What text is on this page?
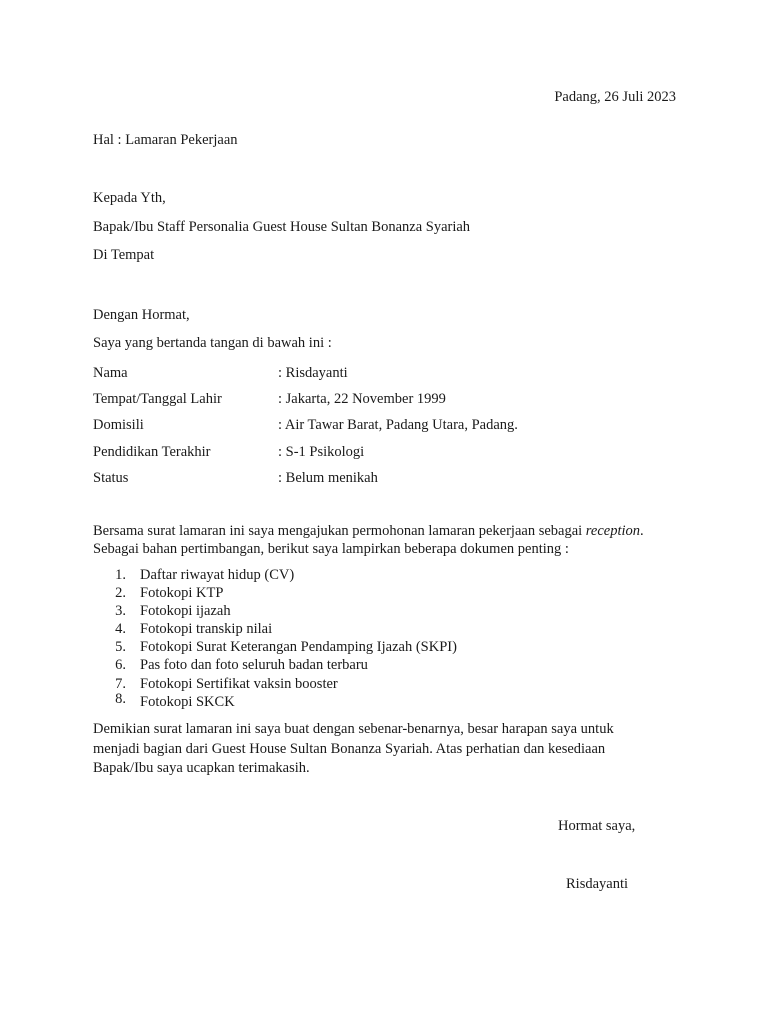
Padang, 26 Juli 2023
Hal : Lamaran Pekerjaan
Kepada Yth,
Bapak/Ibu Staff Personalia Guest House Sultan Bonanza Syariah
Di Tempat
Dengan Hormat,
Saya yang bertanda tangan di bawah ini :
Nama	: Risdayanti
Tempat/Tanggal Lahir	: Jakarta, 22 November 1999
Domisili	: Air Tawar Barat, Padang Utara, Padang.
Pendidikan Terakhir	: S-1 Psikologi
Status	: Belum menikah

Bersama surat lamaran ini saya mengajukan permohonan lamaran pekerjaan sebagai reception.

Sebagai bahan pertimbangan, berikut saya lampirkan beberapa dokumen penting :

1. Daftar riwayat hidup (CV)
2. Fotokopi KTP
3. Fotokopi ijazah
4. Fotokopi transkip nilai
5. Fotokopi Surat Keterangan Pendamping Ijazah (SKPI)
6. Pas foto dan foto seluruh badan terbaru
7. Fotokopi Sertifikat vaksin booster
8. Fotokopi SKCK
Demikian surat lamaran ini saya buat dengan sebenar-benarnya, besar harapan saya untuk
menjadi bagian dari Guest House Sultan Bonanza Syariah. Atas perhatian dan kesediaan
Bapak/Ibu saya ucapkan terimakasih.
Hormat saya,
Risdayanti
